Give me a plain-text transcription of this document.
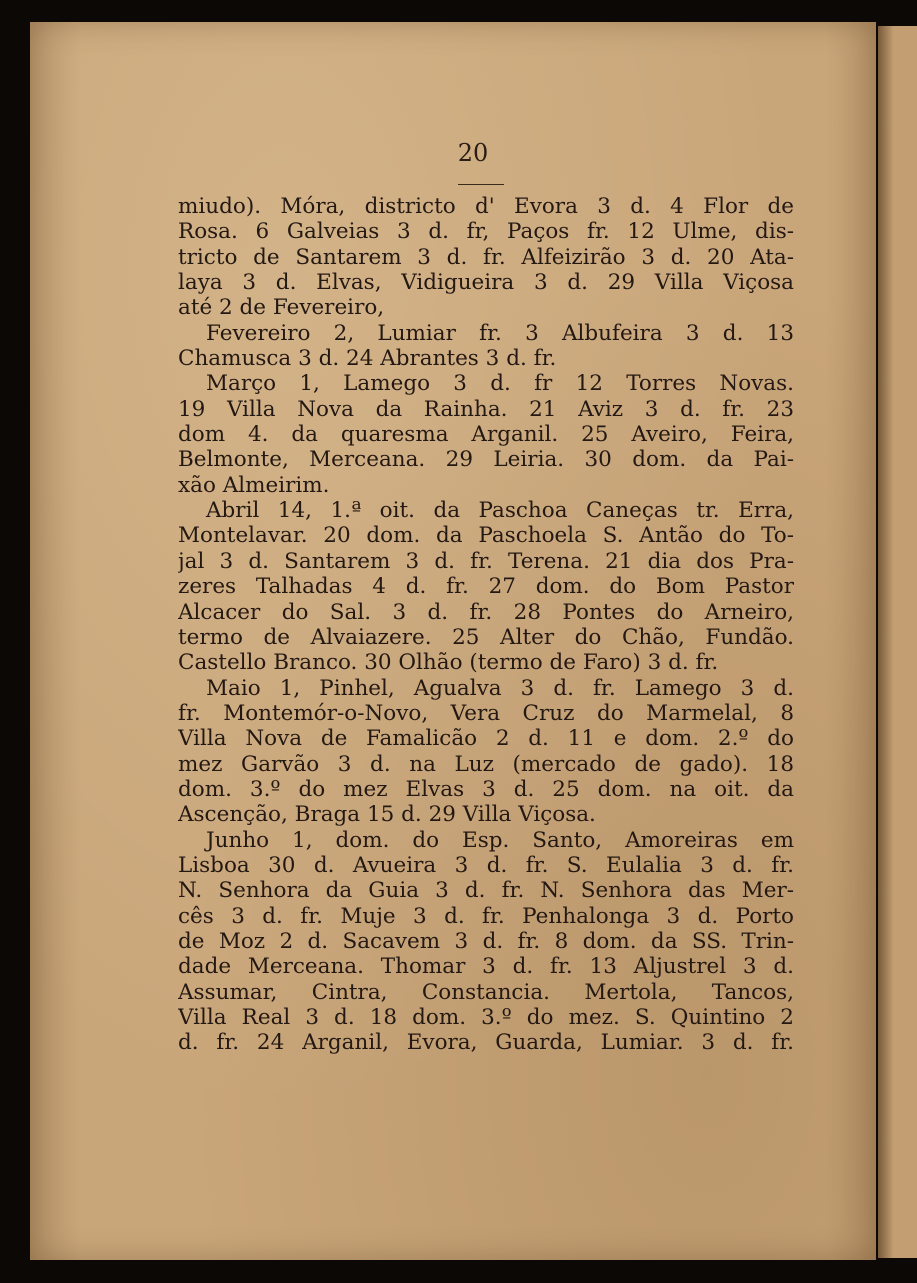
20
miudo). Móra, districto d' Evora 3 d. 4 Flor de
Rosa. 6 Galveias 3 d. fr, Paços fr. 12 Ulme, dis-
tricto de Santarem 3 d. fr. Alfeizirão 3 d. 20 Ata-
laya 3 d. Elvas, Vidigueira 3 d. 29 Villa Viçosa
até 2 de Fevereiro,
Fevereiro 2, Lumiar fr. 3 Albufeira 3 d. 13
Chamusca 3 d. 24 Abrantes 3 d. fr.
Março 1, Lamego 3 d. fr 12 Torres Novas.
19 Villa Nova da Rainha. 21 Aviz 3 d. fr. 23
dom 4. da quaresma Arganil. 25 Aveiro, Feira,
Belmonte, Merceana. 29 Leiria. 30 dom. da Pai-
xão Almeirim.
Abril 14, 1.ª oit. da Paschoa Caneças tr. Erra,
Montelavar. 20 dom. da Paschoela S. Antão do To-
jal 3 d. Santarem 3 d. fr. Terena. 21 dia dos Pra-
zeres Talhadas 4 d. fr. 27 dom. do Bom Pastor
Alcacer do Sal. 3 d. fr. 28 Pontes do Arneiro,
termo de Alvaiazere. 25 Alter do Chão, Fundão.
Castello Branco. 30 Olhão (termo de Faro) 3 d. fr.
Maio 1, Pinhel, Agualva 3 d. fr. Lamego 3 d.
fr. Montemór-o-Novo, Vera Cruz do Marmelal, 8
Villa Nova de Famalicão 2 d. 11 e dom. 2.º do
mez Garvão 3 d. na Luz (mercado de gado). 18
dom. 3.º do mez Elvas 3 d. 25 dom. na oit. da
Ascenção, Braga 15 d. 29 Villa Viçosa.
Junho 1, dom. do Esp. Santo, Amoreiras em
Lisboa 30 d. Avueira 3 d. fr. S. Eulalia 3 d. fr.
N. Senhora da Guia 3 d. fr. N. Senhora das Mer-
cês 3 d. fr. Muje 3 d. fr. Penhalonga 3 d. Porto
de Moz 2 d. Sacavem 3 d. fr. 8 dom. da SS. Trin-
dade Merceana. Thomar 3 d. fr. 13 Aljustrel 3 d.
Assumar, Cintra, Constancia. Mertola, Tancos,
Villa Real 3 d. 18 dom. 3.º do mez. S. Quintino 2
d. fr. 24 Arganil, Evora, Guarda, Lumiar. 3 d. fr.
